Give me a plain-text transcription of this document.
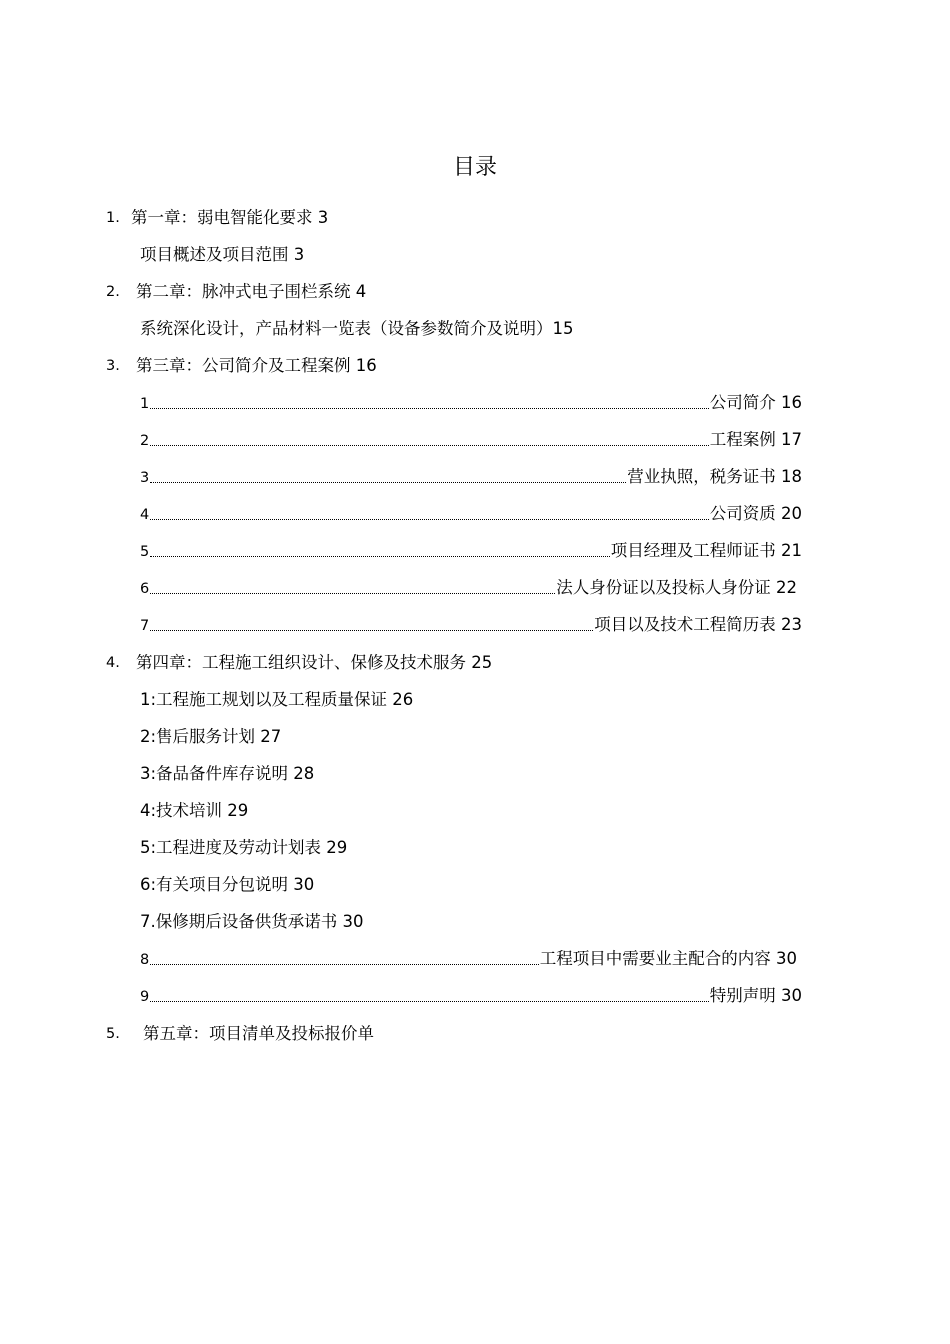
目录
1. 第一章：弱电智能化要求 3
项目概述及项目范围 3
2. 第二章：脉冲式电子围栏系统 4
系统深化设计，产品材料一览表（设备参数简介及说明）15
3. 第三章：公司简介及工程案例 16
1	公司简介 16
2	工程案例 17
3	营业执照，税务证书 18
4	公司资质 20
5	项目经理及工程师证书 21
6	法人身份证以及投标人身份证 22
7	项目以及技术工程简历表 23
4. 第四章：工程施工组织设计、保修及技术服务 25
1:工程施工规划以及工程质量保证 26
2:售后服务计划 27
3:备品备件库存说明 28
4:技术培训 29
5:工程进度及劳动计划表 29
6:有关项目分包说明 30
7.保修期后设备供货承诺书 30
8	工程项目中需要业主配合的内容 30
9	特别声明 30
5. 第五章：项目清单及投标报价单
